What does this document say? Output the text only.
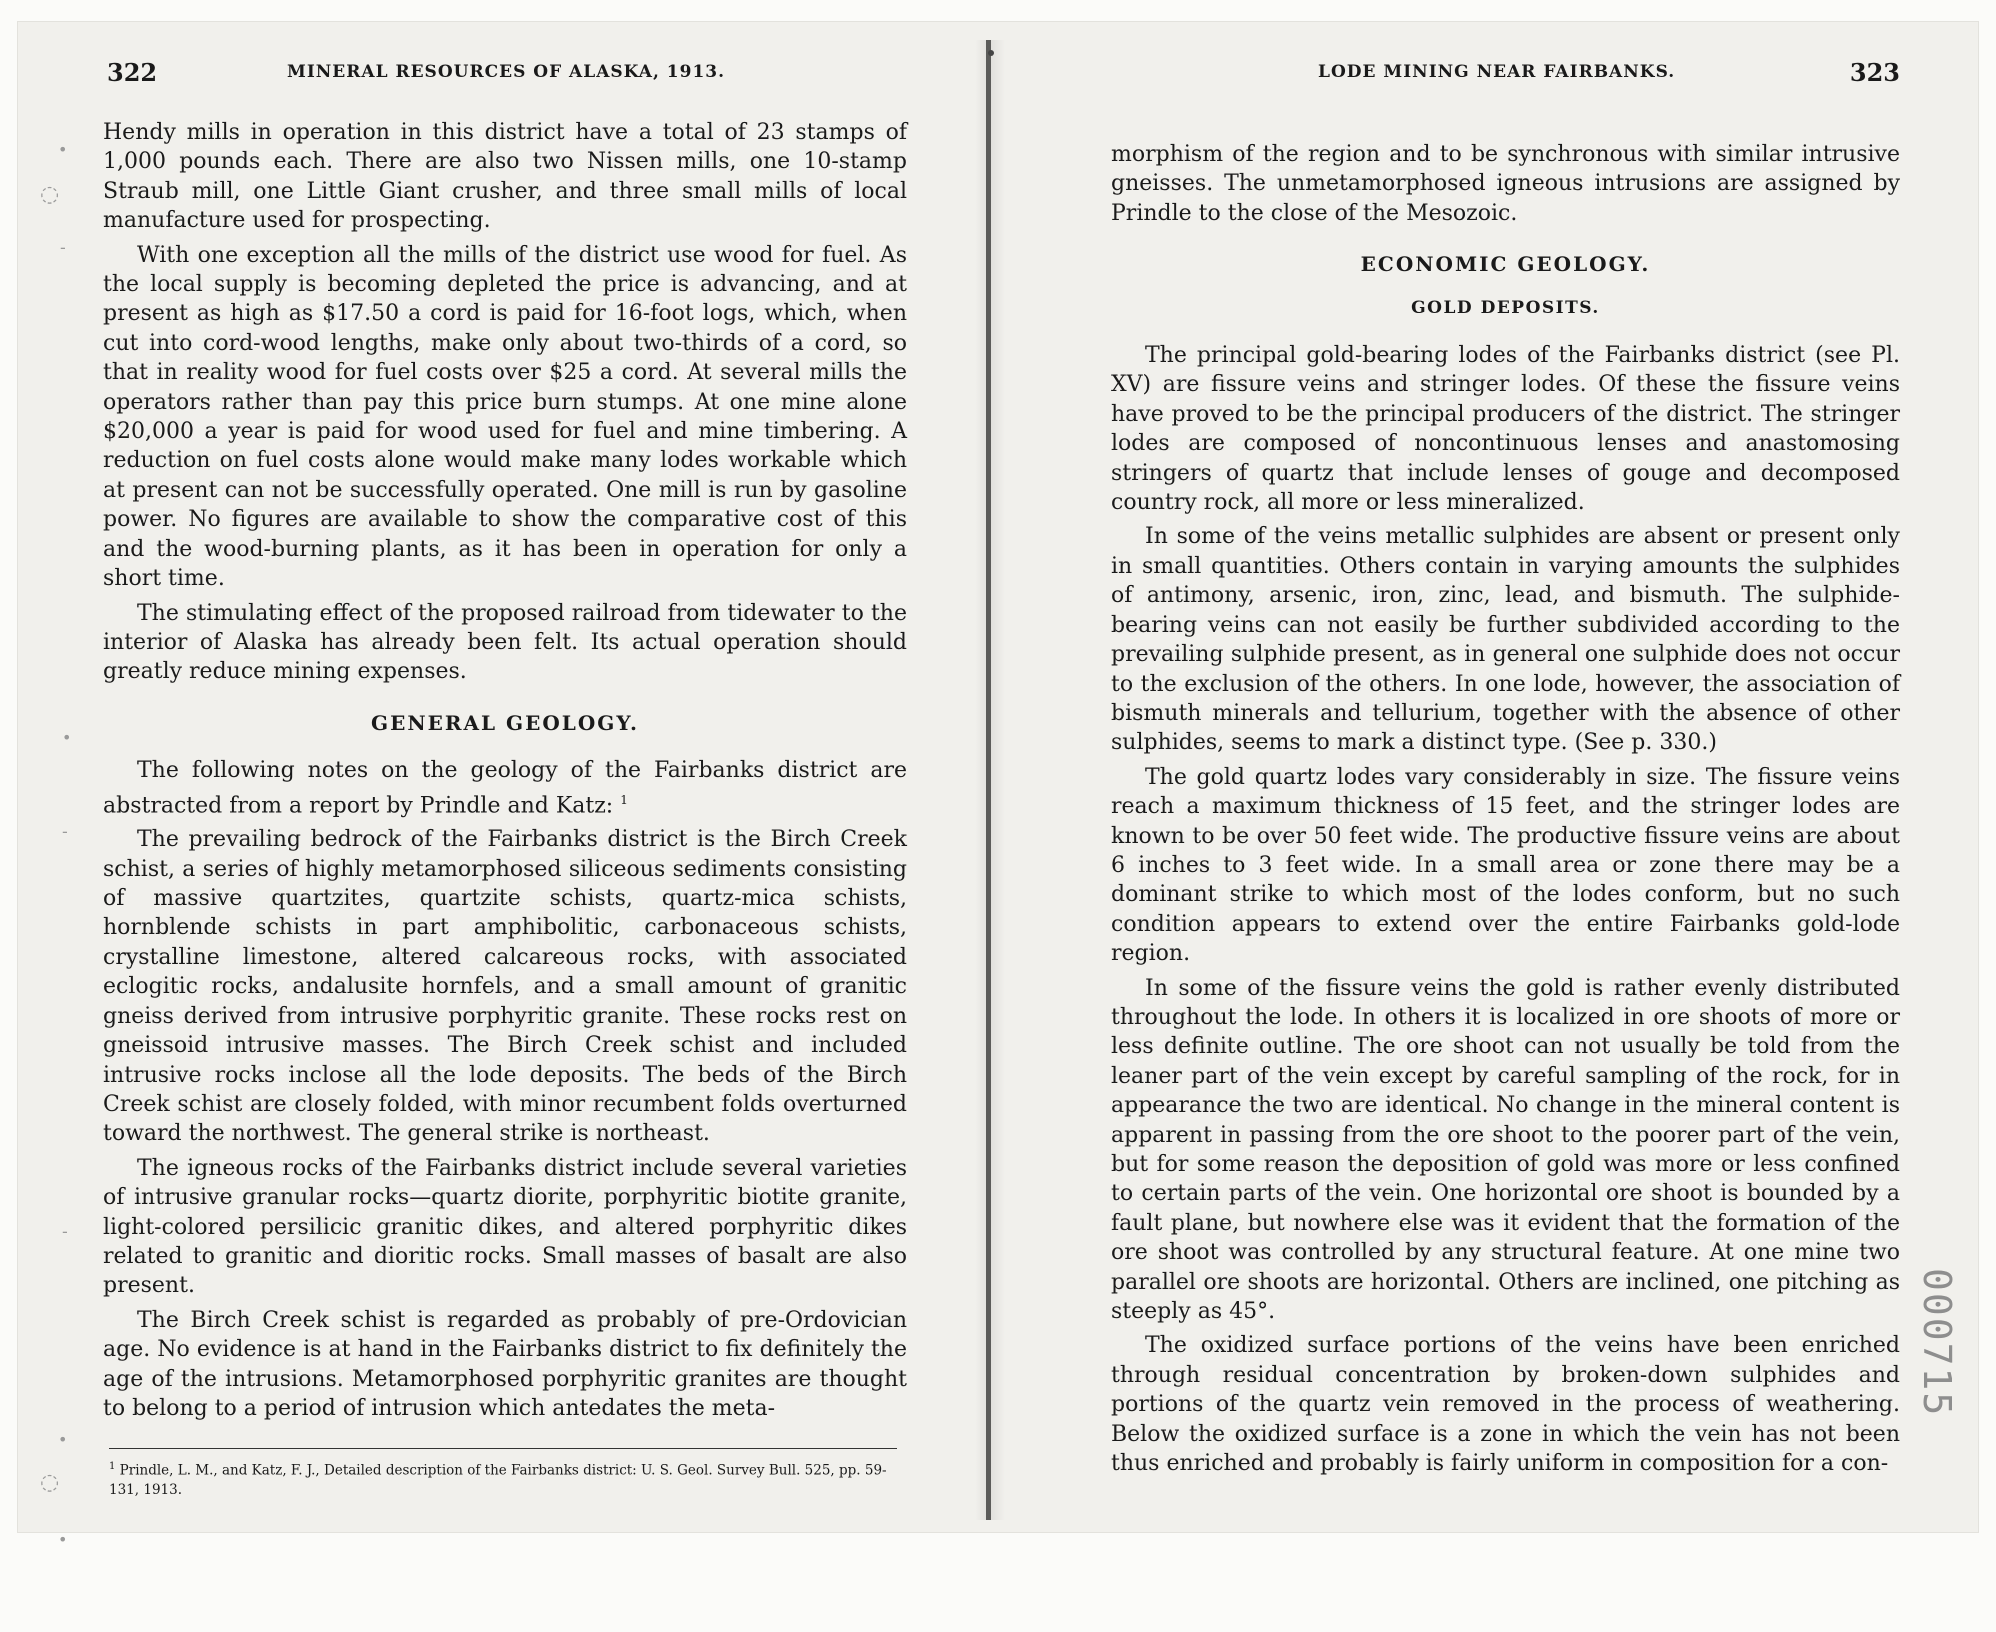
•
◌
-
•
-
-
•
◌
•
322	MINERAL RESOURCES OF ALASKA, 1913.

Hendy mills in operation in this district have a total of 23 stamps of 1,000 pounds each. There are also two Nissen mills, one 10-stamp Straub mill, one Little Giant crusher, and three small mills of local manufacture used for prospecting.

With one exception all the mills of the district use wood for fuel. As the local supply is becoming depleted the price is advancing, and at present as high as $17.50 a cord is paid for 16-foot logs, which, when cut into cord-wood lengths, make only about two-thirds of a cord, so that in reality wood for fuel costs over $25 a cord. At several mills the operators rather than pay this price burn stumps. At one mine alone $20,000 a year is paid for wood used for fuel and mine timbering. A reduction on fuel costs alone would make many lodes workable which at present can not be successfully operated. One mill is run by gasoline power. No figures are available to show the comparative cost of this and the wood-burning plants, as it has been in operation for only a short time.

The stimulating effect of the proposed railroad from tidewater to the interior of Alaska has already been felt. Its actual operation should greatly reduce mining expenses.

GENERAL GEOLOGY.

The following notes on the geology of the Fairbanks district are abstracted from a report by Prindle and Katz: $^1$

The prevailing bedrock of the Fairbanks district is the Birch Creek schist, a series of highly metamorphosed siliceous sediments consisting of massive quartzites, quartzite schists, quartz-mica schists, hornblende schists in part amphibolitic, carbonaceous schists, crystalline limestone, altered calcareous rocks, with associated eclogitic rocks, andalusite hornfels, and a small amount of granitic gneiss derived from intrusive porphyritic granite. These rocks rest on gneissoid intrusive masses. The Birch Creek schist and included intrusive rocks inclose all the lode deposits. The beds of the Birch Creek schist are closely folded, with minor recumbent folds overturned toward the northwest. The general strike is northeast.

The igneous rocks of the Fairbanks district include several varieties of intrusive granular rocks—quartz diorite, porphyritic biotite granite, light-colored persilicic granitic dikes, and altered porphyritic dikes related to granitic and dioritic rocks. Small masses of basalt are also present.

The Birch Creek schist is regarded as probably of pre-Ordovician age. No evidence is at hand in the Fairbanks district to fix definitely the age of the intrusions. Metamorphosed porphyritic granites are thought to belong to a period of intrusion which antedates the meta-

$^1$ Prindle, L. M., and Katz, F. J., Detailed description of the Fairbanks district: U. S. Geol. Survey Bull. 525, pp. 59-131, 1913.
LODE MINING NEAR FAIRBANKS.	323

morphism of the region and to be synchronous with similar intrusive gneisses. The unmetamorphosed igneous intrusions are assigned by Prindle to the close of the Mesozoic.

ECONOMIC GEOLOGY.
GOLD DEPOSITS.

The principal gold-bearing lodes of the Fairbanks district (see Pl. XV) are fissure veins and stringer lodes. Of these the fissure veins have proved to be the principal producers of the district. The stringer lodes are composed of noncontinuous lenses and anastomosing stringers of quartz that include lenses of gouge and decomposed country rock, all more or less mineralized.

In some of the veins metallic sulphides are absent or present only in small quantities. Others contain in varying amounts the sulphides of antimony, arsenic, iron, zinc, lead, and bismuth. The sulphide-bearing veins can not easily be further subdivided according to the prevailing sulphide present, as in general one sulphide does not occur to the exclusion of the others. In one lode, however, the association of bismuth minerals and tellurium, together with the absence of other sulphides, seems to mark a distinct type. (See p. 330.)

The gold quartz lodes vary considerably in size. The fissure veins reach a maximum thickness of 15 feet, and the stringer lodes are known to be over 50 feet wide. The productive fissure veins are about 6 inches to 3 feet wide. In a small area or zone there may be a dominant strike to which most of the lodes conform, but no such condition appears to extend over the entire Fairbanks gold-lode region.

In some of the fissure veins the gold is rather evenly distributed throughout the lode. In others it is localized in ore shoots of more or less definite outline. The ore shoot can not usually be told from the leaner part of the vein except by careful sampling of the rock, for in appearance the two are identical. No change in the mineral content is apparent in passing from the ore shoot to the poorer part of the vein, but for some reason the deposition of gold was more or less confined to certain parts of the vein. One horizontal ore shoot is bounded by a fault plane, but nowhere else was it evident that the formation of the ore shoot was controlled by any structural feature. At one mine two parallel ore shoots are horizontal. Others are inclined, one pitching as steeply as 45°.

The oxidized surface portions of the veins have been enriched through residual concentration by broken-down sulphides and portions of the quartz vein removed in the process of weathering. Below the oxidized surface is a zone in which the vein has not been thus enriched and probably is fairly uniform in composition for a con-

000715
